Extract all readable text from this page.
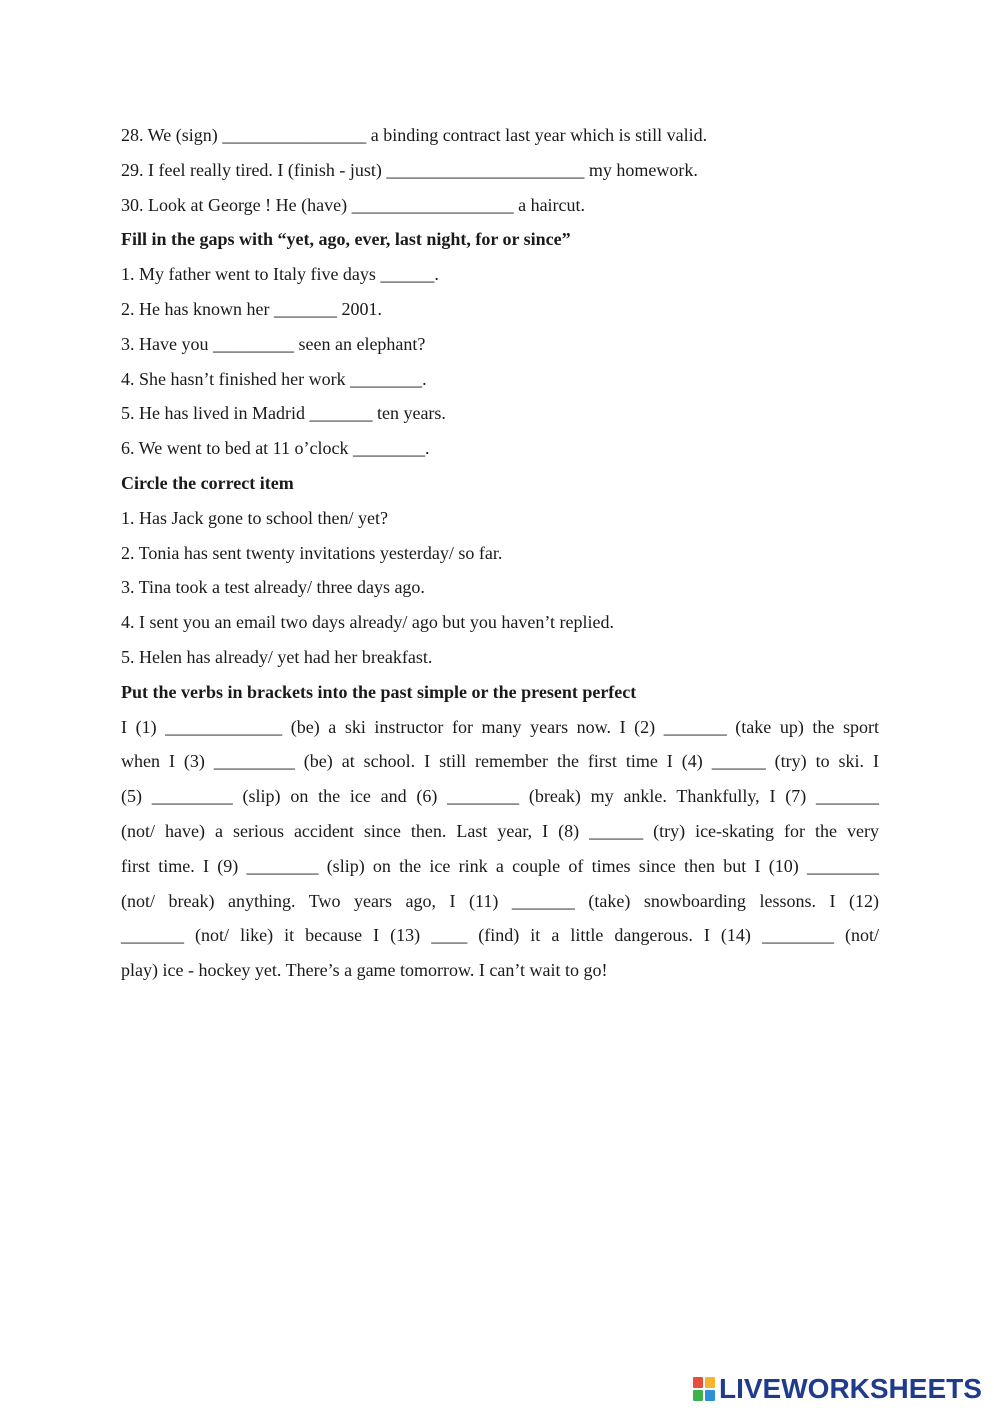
28. We (sign) ________________ a binding contract last year which is still valid.

29. I feel really tired. I (finish - just) ______________________ my homework.

30. Look at George ! He (have) __________________ a haircut.

Fill in the gaps with “yet, ago, ever, last night, for or since”

1. My father went to Italy five days ______.

2. He has known her _______ 2001.

3. Have you _________ seen an elephant?

4. She hasn’t finished her work ________.

5. He has lived in Madrid _______ ten years.

6. We went to bed at 11 o’clock ________.

Circle the correct item

1. Has Jack gone to school then/ yet?

2. Tonia has sent twenty invitations yesterday/ so far.

3. Tina took a test already/ three days ago.

4. I sent you an email two days already/ ago but you haven’t replied.

5. Helen has already/ yet had her breakfast.

Put the verbs in brackets into the past simple or the present perfect

I (1) _____________ (be) a ski instructor for many years now. I (2) _______ (take up) the sport
when I (3) _________ (be) at school. I still remember the first time I (4) ______ (try) to ski. I
(5) _________ (slip) on the ice and (6) ________ (break) my ankle. Thankfully, I (7) _______
(not/ have) a serious accident since then. Last year, I (8) ______ (try) ice-skating for the very
first time. I (9) ________ (slip) on the ice rink a couple of times since then but I (10) ________
(not/ break) anything. Two years ago, I (11) _______ (take) snowboarding lessons. I (12)
_______ (not/ like) it because I (13) ____ (find) it a little dangerous. I (14) ________ (not/
play) ice - hockey yet. There’s a game tomorrow. I can’t wait to go!
LIVEWORKSHEETS
